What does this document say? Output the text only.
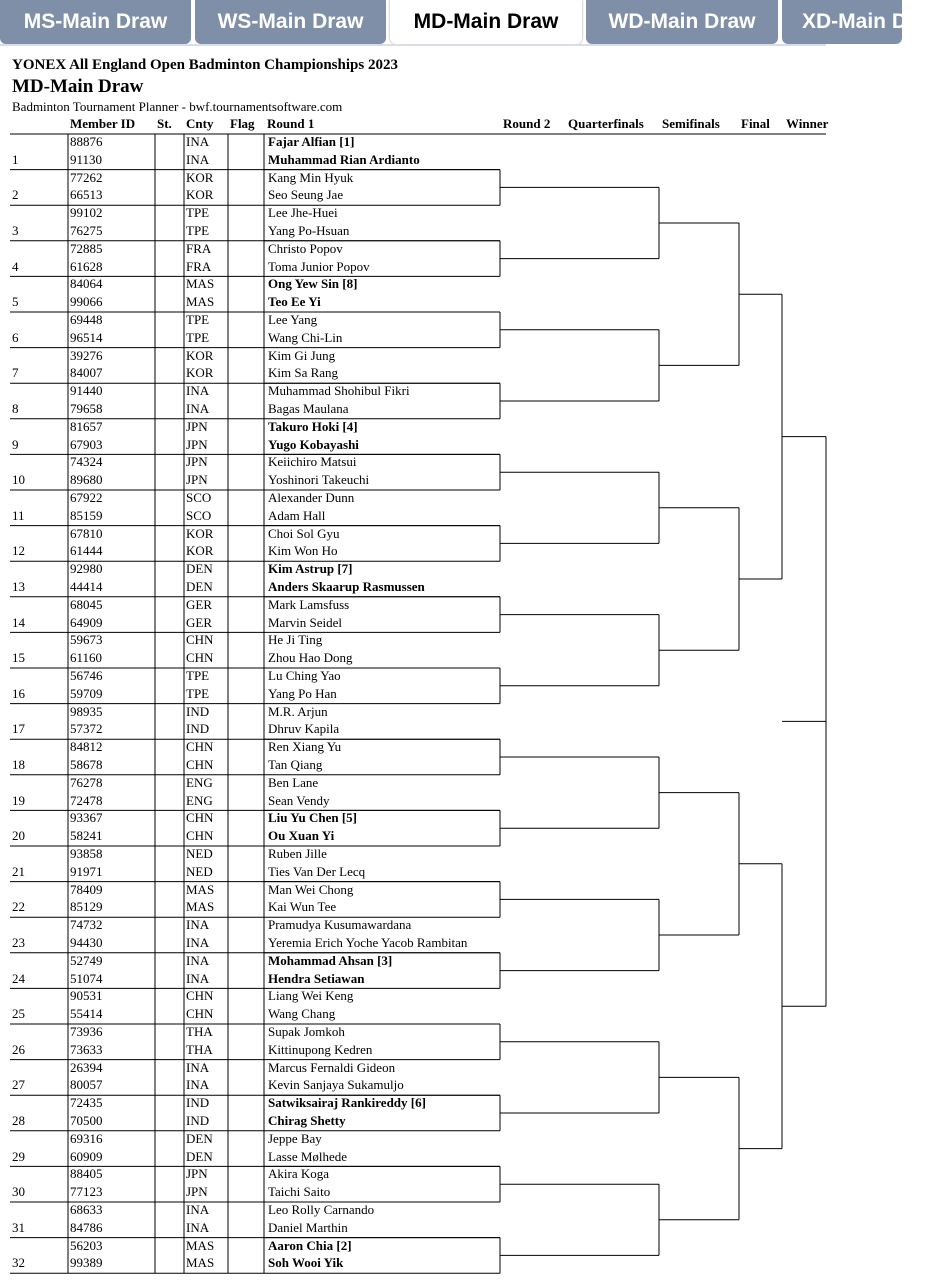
MS-Main Draw	WS-Main Draw	MD-Main Draw	WD-Main Draw	XD-Main Draw
YONEX All England Open Badminton Championships 2023
MD-Main Draw
Badminton Tournament Planner - bwf.tournamentsoftware.com
Member ID St. Cnty Flag Round 1	Round 2 Quarterfinals Semifinals Final Winner
1
88876	INA	Fajar Alfian [1]
91130	INA	Muhammad Rian Ardianto
2
77262	KOR	Kang Min Hyuk
66513	KOR	Seo Seung Jae
3
99102	TPE	Lee Jhe-Huei
76275	TPE	Yang Po-Hsuan
4
72885	FRA	Christo Popov
61628	FRA	Toma Junior Popov
5
84064	MAS	Ong Yew Sin [8]
99066	MAS	Teo Ee Yi
6
69448	TPE	Lee Yang
96514	TPE	Wang Chi-Lin
7
39276	KOR	Kim Gi Jung
84007	KOR	Kim Sa Rang
8
91440	INA	Muhammad Shohibul Fikri
79658	INA	Bagas Maulana
9
81657	JPN	Takuro Hoki [4]
67903	JPN	Yugo Kobayashi
10
74324	JPN	Keiichiro Matsui
89680	JPN	Yoshinori Takeuchi
11
67922	SCO	Alexander Dunn
85159	SCO	Adam Hall
12
67810	KOR	Choi Sol Gyu
61444	KOR	Kim Won Ho
13
92980	DEN	Kim Astrup [7]
44414	DEN	Anders Skaarup Rasmussen
14
68045	GER	Mark Lamsfuss
64909	GER	Marvin Seidel
15
59673	CHN	He Ji Ting
61160	CHN	Zhou Hao Dong
16
56746	TPE	Lu Ching Yao
59709	TPE	Yang Po Han
17
98935	IND	M.R. Arjun
57372	IND	Dhruv Kapila
18
84812	CHN	Ren Xiang Yu
58678	CHN	Tan Qiang
19
76278	ENG	Ben Lane
72478	ENG	Sean Vendy
20
93367	CHN	Liu Yu Chen [5]
58241	CHN	Ou Xuan Yi
21
93858	NED	Ruben Jille
91971	NED	Ties Van Der Lecq
22
78409	MAS	Man Wei Chong
85129	MAS	Kai Wun Tee
23
74732	INA	Pramudya Kusumawardana
94430	INA	Yeremia Erich Yoche Yacob Rambitan
24
52749	INA	Mohammad Ahsan [3]
51074	INA	Hendra Setiawan
25
90531	CHN	Liang Wei Keng
55414	CHN	Wang Chang
26
73936	THA	Supak Jomkoh
73633	THA	Kittinupong Kedren
27
26394	INA	Marcus Fernaldi Gideon
80057	INA	Kevin Sanjaya Sukamuljo
28
72435	IND	Satwiksairaj Rankireddy [6]
70500	IND	Chirag Shetty
29
69316	DEN	Jeppe Bay
60909	DEN	Lasse Mølhede
30
88405	JPN	Akira Koga
77123	JPN	Taichi Saito
31
68633	INA	Leo Rolly Carnando
84786	INA	Daniel Marthin
32
56203	MAS	Aaron Chia [2]
99389	MAS	Soh Wooi Yik
